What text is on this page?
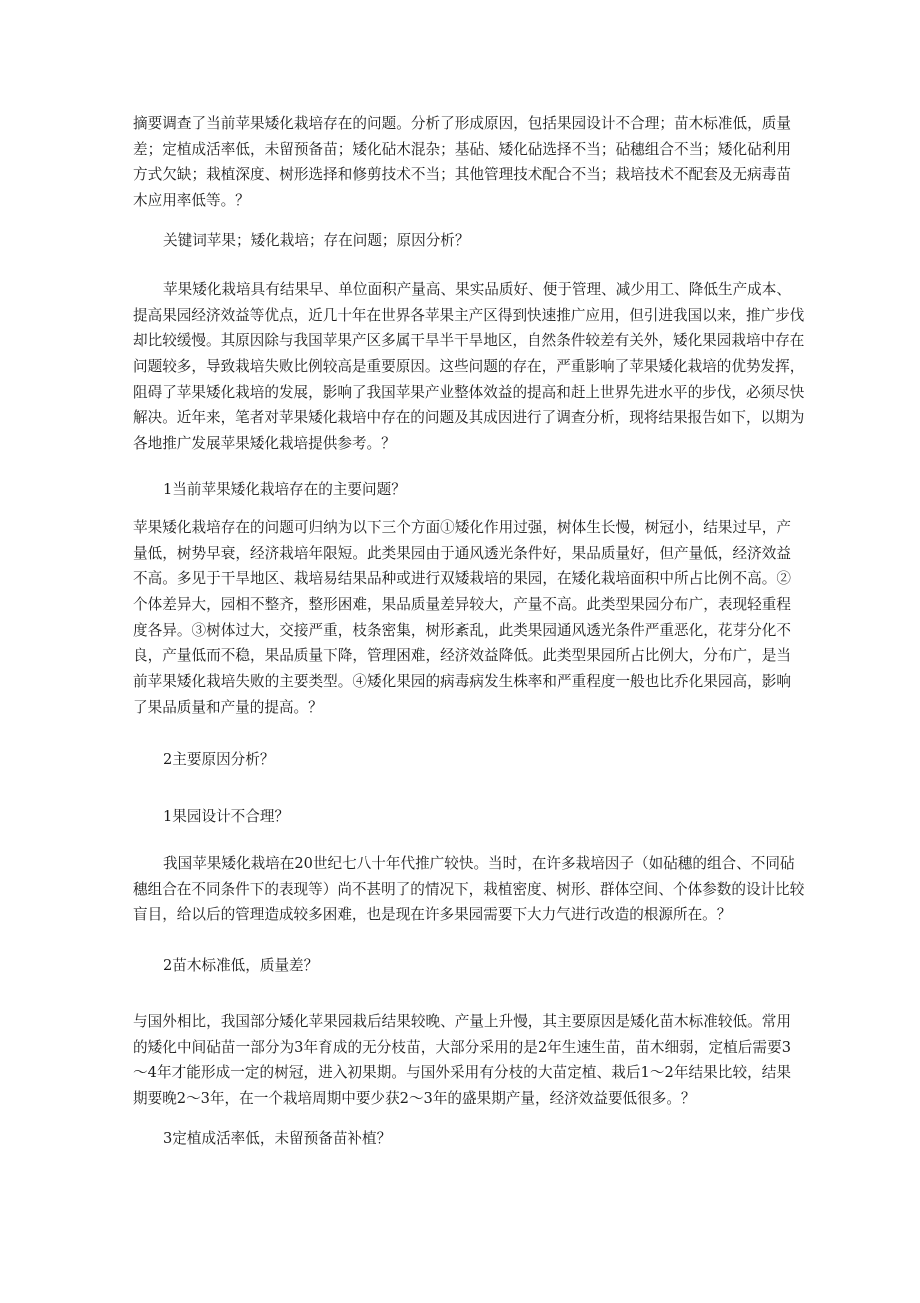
摘要调查了当前苹果矮化栽培存在的问题。分析了形成原因，包括果园设计不合理；苗木标准低，质量
差；定植成活率低，未留预备苗；矮化砧木混杂；基砧、矮化砧选择不当；砧穗组合不当；矮化砧利用
方式欠缺；栽植深度、树形选择和修剪技术不当；其他管理技术配合不当；栽培技术不配套及无病毒苗
木应用率低等。？
关键词苹果；矮化栽培；存在问题；原因分析？
苹果矮化栽培具有结果早、单位面积产量高、果实品质好、便于管理、减少用工、降低生产成本、
提高果园经济效益等优点，近几十年在世界各苹果主产区得到快速推广应用，但引进我国以来，推广步伐
却比较缓慢。其原因除与我国苹果产区多属干旱半干旱地区，自然条件较差有关外，矮化果园栽培中存在
问题较多，导致栽培失败比例较高是重要原因。这些问题的存在，严重影响了苹果矮化栽培的优势发挥，
阻碍了苹果矮化栽培的发展，影响了我国苹果产业整体效益的提高和赶上世界先进水平的步伐，必须尽快
解决。近年来，笔者对苹果矮化栽培中存在的问题及其成因进行了调查分析，现将结果报告如下，以期为
各地推广发展苹果矮化栽培提供参考。？
1当前苹果矮化栽培存在的主要问题？
苹果矮化栽培存在的问题可归纳为以下三个方面①矮化作用过强，树体生长慢，树冠小，结果过早，产
量低，树势早衰，经济栽培年限短。此类果园由于通风透光条件好，果品质量好，但产量低，经济效益
不高。多见于干旱地区、栽培易结果品种或进行双矮栽培的果园，在矮化栽培面积中所占比例不高。②
个体差异大，园相不整齐，整形困难，果品质量差异较大，产量不高。此类型果园分布广，表现轻重程
度各异。③树体过大，交接严重，枝条密集，树形紊乱，此类果园通风透光条件严重恶化，花芽分化不
良，产量低而不稳，果品质量下降，管理困难，经济效益降低。此类型果园所占比例大，分布广，是当
前苹果矮化栽培失败的主要类型。④矮化果园的病毒病发生株率和严重程度一般也比乔化果园高，影响
了果品质量和产量的提高。？
2主要原因分析？
1果园设计不合理？
我国苹果矮化栽培在20世纪七八十年代推广较快。当时，在许多栽培因子（如砧穗的组合、不同砧
穗组合在不同条件下的表现等）尚不甚明了的情况下，栽植密度、树形、群体空间、个体参数的设计比较
盲目，给以后的管理造成较多困难，也是现在许多果园需要下大力气进行改造的根源所在。？
2苗木标准低，质量差？
与国外相比，我国部分矮化苹果园栽后结果较晚、产量上升慢，其主要原因是矮化苗木标准较低。常用
的矮化中间砧苗一部分为3年育成的无分枝苗，大部分采用的是2年生速生苗，苗木细弱，定植后需要3
～4年才能形成一定的树冠，进入初果期。与国外采用有分枝的大苗定植、栽后1～2年结果比较，结果
期要晚2～3年，在一个栽培周期中要少获2～3年的盛果期产量，经济效益要低很多。？
3定植成活率低，未留预备苗补植？
